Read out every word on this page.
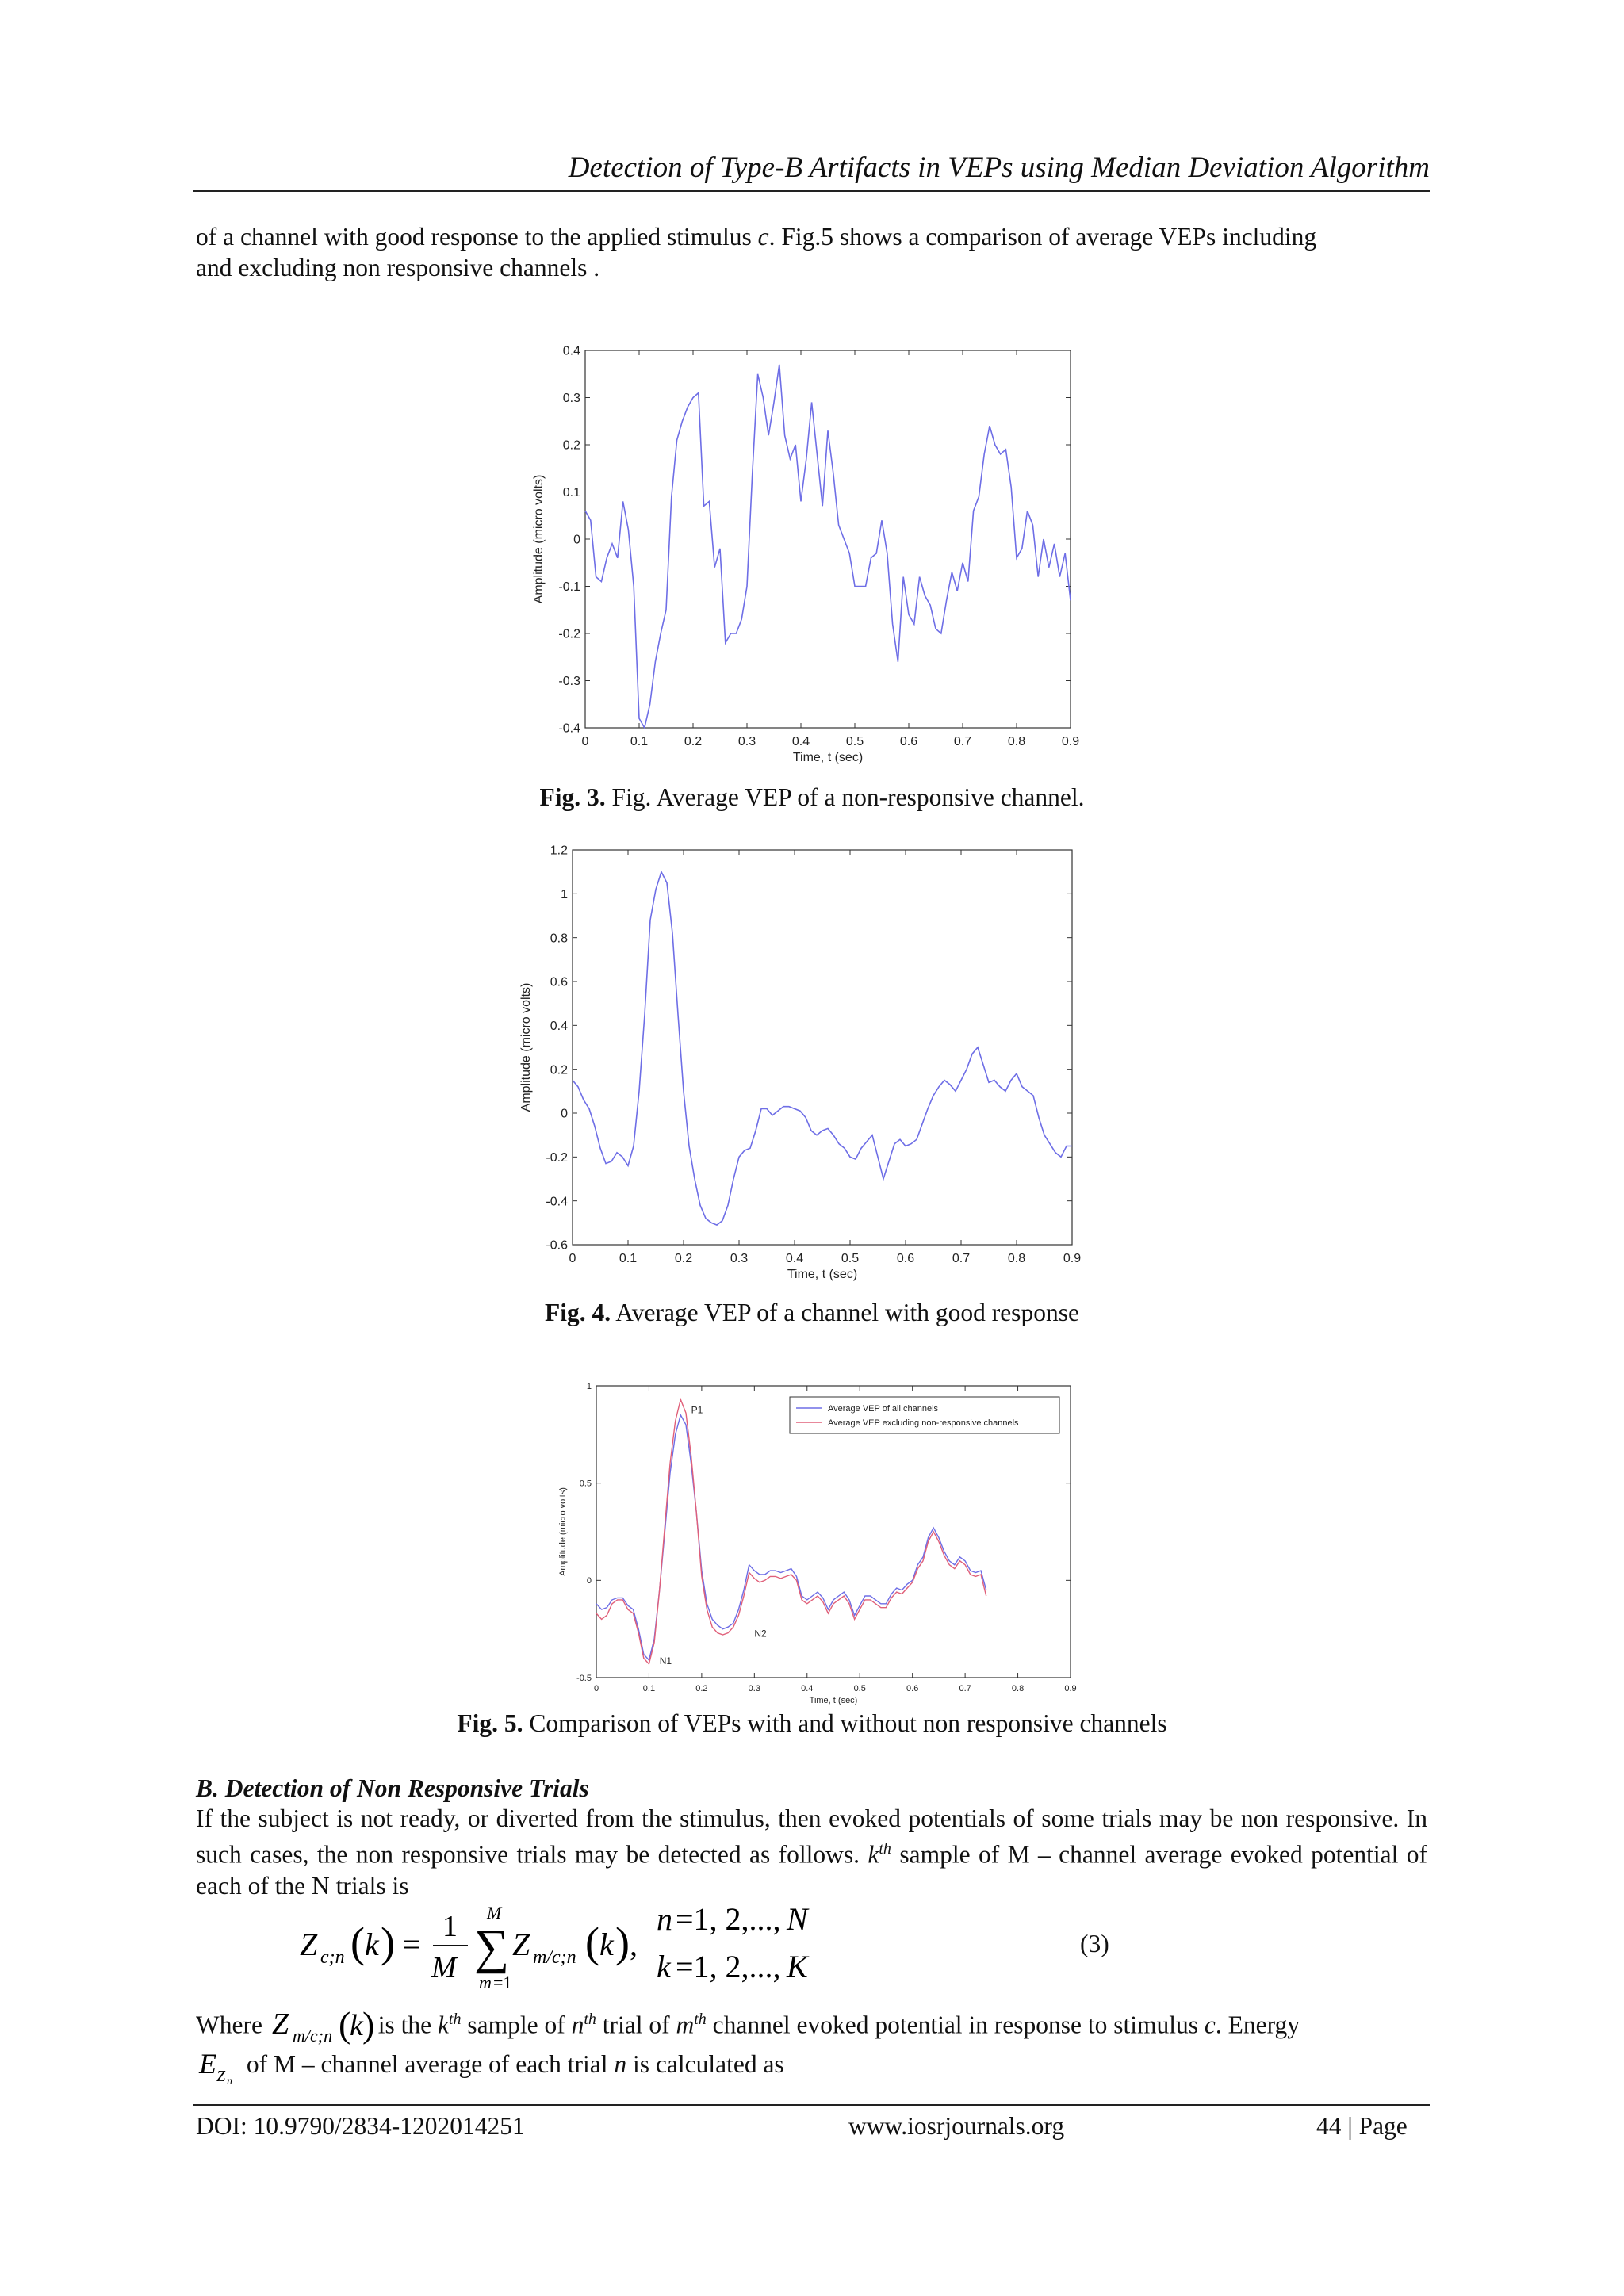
Detection of Type-B Artifacts in VEPs using Median Deviation Algorithm
of a channel with good response to the applied stimulus c. Fig.5 shows a comparison of average VEPs including
and excluding non responsive channels .
0	0.1	0.2	0.3	0.4	0.5	0.6	0.7	0.8	0.9
-0.4
-0.3
-0.2
-0.1
0
0.1
0.2
0.3
0.4
Time, t (sec)
Amplitude (micro volts)
Fig. 3. Fig. Average VEP of a non-responsive channel.
0	0.1	0.2	0.3	0.4	0.5	0.6	0.7	0.8	0.9
-0.6
-0.4
-0.2
0
0.2
0.4
0.6
0.8
1
1.2
Time, t (sec)
Amplitude (micro volts)
Fig. 4. Average VEP of a channel with good response
0	0.1	0.2	0.3	0.4	0.5	0.6	0.7	0.8	0.9
-0.5
0
0.5
1
Time, t (sec)
Amplitude (micro volts)
Average VEP of all channels
Average VEP excluding non-responsive channels
P1
N1
N2
Fig. 5. Comparison of VEPs with and without non responsive channels
B. Detection of Non Responsive Trials
If the subject is not ready, or diverted from the stimulus, then evoked potentials of some trials may be non responsive. In such cases, the non responsive trials may be detected as follows. $k^{th}$ sample of M – channel average evoked potential of each of the N trials is
Z c;n ( k ) = 1
M
M
∑
m =1
Z m/c;n ( k ) ,
n =1, 2,..., N
k =1, 2,..., K
(3)
Where Z m/c;n (
k )
is the $k^{th}$ sample of $n^{th}$ trial of $m^{th}$ channel evoked potential in response to stimulus c. Energy
E Z n
of M – channel average of each trial n is calculated as
DOI: 10.9790/2834-1202014251	www.iosrjournals.org	44 | Page
